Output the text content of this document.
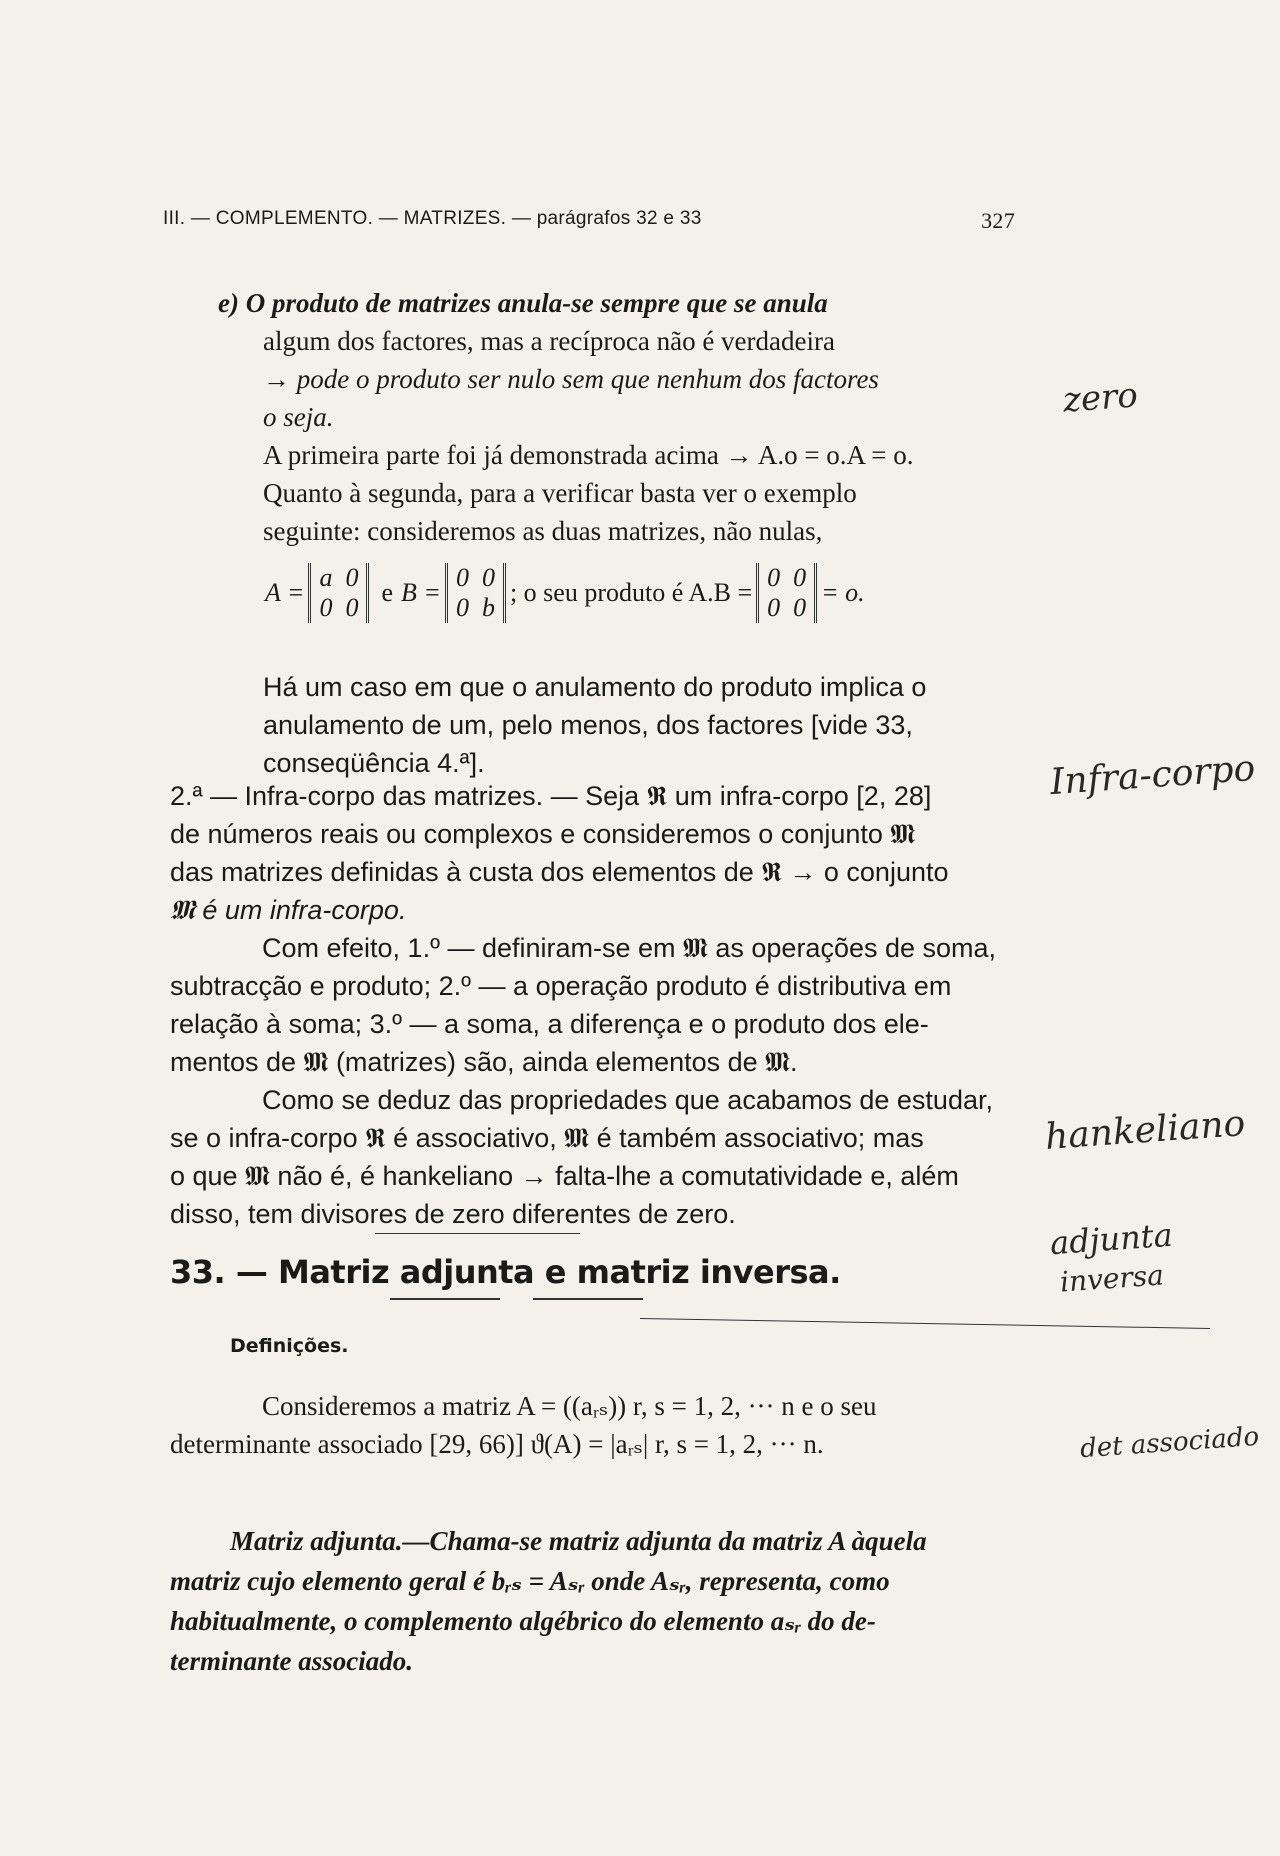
III. — COMPLEMENTO. — MATRIZES. — parágrafos 32 e 33	327

e) O produto de matrizes anula-se sempre que se anula

algum dos factores, mas a recíproca não é verdadeira

→ pode o produto ser nulo sem que nenhum dos factores

o seja.

A primeira parte foi já demonstrada acima → A.o = o.A = o.

Quanto à segunda, para a verificar basta ver o exemplo

seguinte: consideremos as duas matrizes, não nulas,

A =
a  0
0  0
e B =
0  0
0  b
; o seu produto é A.B =
0  0
0  0
= o.

Há um caso em que o anulamento do produto implica o

anulamento de um, pelo menos, dos factores [vide 33,

conseqüência 4.ª].

2.ª — Infra-corpo das matrizes. — Seja 𝕽 um infra-corpo [2, 28]

de números reais ou complexos e consideremos o conjunto 𝕸

das matrizes definidas à custa dos elementos de 𝕽 → o conjunto

𝕸 é um infra-corpo.

Com efeito, 1.º — definiram-se em 𝕸 as operações de soma,

subtracção e produto; 2.º — a operação produto é distributiva em

relação à soma; 3.º — a soma, a diferença e o produto dos ele-

mentos de 𝕸 (matrizes) são, ainda elementos de 𝕸.

Como se deduz das propriedades que acabamos de estudar,

se o infra-corpo 𝕽 é associativo, 𝕸 é também associativo; mas

o que 𝕸 não é, é hankeliano → falta-lhe a comutatividade e, além

disso, tem divisores de zero diferentes de zero.

33. — Matriz adjunta e matriz inversa.
Definições.

Consideremos a matriz A = ((aᵣₛ)) r, s = 1, 2, ··· n e o seu

determinante associado [29, 66)] ϑ(A) = |aᵣₛ| r, s = 1, 2, ··· n.

Matriz adjunta.—Chama-se matriz adjunta da matriz A àquela

matriz cujo elemento geral é bᵣₛ = Aₛᵣ onde Aₛᵣ, representa, como

habitualmente, o complemento algébrico do elemento aₛᵣ do de-

terminante associado.

zero
Infra-corpo
hankeliano
adjunta
inversa
det associado
